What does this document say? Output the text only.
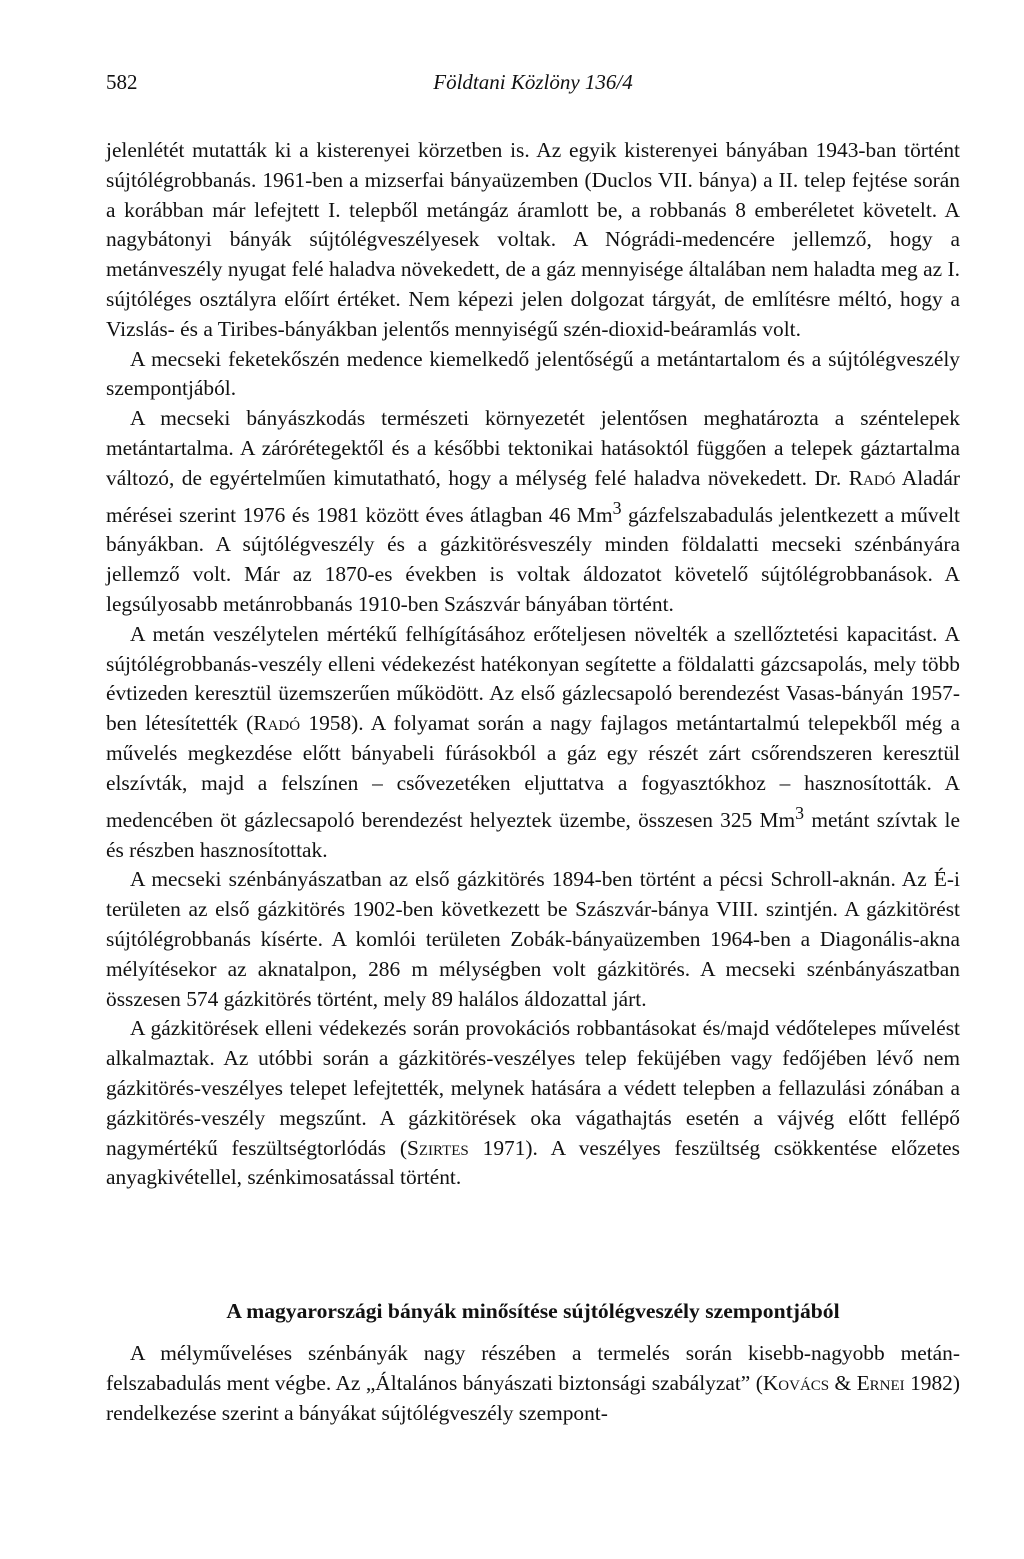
582	Földtani Közlöny 136/4

jelenlétét mutatták ki a kisterenyei körzetben is. Az egyik kisterenyei bányában 1943-ban történt sújtólégrobbanás. 1961-ben a mizserfai bányaüzemben (Duclos VII. bánya) a II. telep fejtése során a korábban már lefejtett I. telepből metángáz áramlott be, a robbanás 8 emberéletet követelt. A nagybátonyi bányák sújtólégveszélyesek voltak. A Nógrádi-medencére jellemző, hogy a metánveszély nyugat felé haladva növekedett, de a gáz mennyisége általában nem haladta meg az I. sújtóléges osztályra előírt értéket. Nem képezi jelen dolgozat tárgyát, de említésre méltó, hogy a Vizslás- és a Tiribes-bányákban jelentős mennyiségű szén-dioxid-beáramlás volt.

A mecseki feketekőszén medence kiemelkedő jelentőségű a metántartalom és a sújtólégveszély szempontjából.

A mecseki bányászkodás természeti környezetét jelentősen meghatározta a széntelepek metántartalma. A zárórétegektől és a későbbi tektonikai hatásoktól függően a telepek gáztartalma változó, de egyértelműen kimutatható, hogy a mélység felé haladva növekedett. Dr. Radó Aladár mérései szerint 1976 és 1981 között éves átlagban 46 Mm$^3$ gázfelszabadulás jelentkezett a művelt bányákban. A sújtólégveszély és a gázkitörésveszély minden földalatti mecseki szénbányára jellemző volt. Már az 1870-es években is voltak áldozatot követelő sújtólégrobbanások. A legsúlyosabb metánrobbanás 1910-ben Szászvár bányában történt.

A metán veszélytelen mértékű felhígításához erőteljesen növelték a szellőztetési kapacitást. A sújtólégrobbanás-veszély elleni védekezést hatékonyan segítette a földalatti gázcsapolás, mely több évtizeden keresztül üzemszerűen működött. Az első gázlecsapoló berendezést Vasas-bányán 1957-ben létesítették (Radó 1958). A folyamat során a nagy fajlagos metántartalmú telepekből még a művelés megkezdése előtt bányabeli fúrásokból a gáz egy részét zárt csőrendszeren keresztül elszívták, majd a felszínen – csővezetéken eljuttatva a fogyasztókhoz – hasznosították. A medencében öt gázlecsapoló berendezést helyeztek üzembe, összesen 325 Mm$^3$ metánt szívtak le és részben hasznosítottak.

A mecseki szénbányászatban az első gázkitörés 1894-ben történt a pécsi Schroll-aknán. Az É-i területen az első gázkitörés 1902-ben következett be Szászvár-bánya VIII. szintjén. A gázkitörést sújtólégrobbanás kísérte. A komlói területen Zobák-bányaüzemben 1964-ben a Diagonális-akna mélyítésekor az aknatalpon, 286 m mélységben volt gázkitörés. A mecseki szénbányászatban összesen 574 gázkitörés történt, mely 89 halálos áldozattal járt.

A gázkitörések elleni védekezés során provokációs robbantásokat és/majd védőtelepes művelést alkalmaztak. Az utóbbi során a gázkitörés-veszélyes telep feküjében vagy fedőjében lévő nem gázkitörés-veszélyes telepet lefejtették, melynek hatására a védett telepben a fellazulási zónában a gázkitörés-veszély megszűnt. A gázkitörések oka vágathajtás esetén a vájvég előtt fellépő nagymértékű feszültségtorlódás (Szirtes 1971). A veszélyes feszültség csökkentése előzetes anyagkivétellel, szénkimosatással történt.

A magyarországi bányák minősítése sújtólégveszély szempontjából

A mélyműveléses szénbányák nagy részében a termelés során kisebb-nagyobb metán-felszabadulás ment végbe. Az „Általános bányászati biztonsági szabályzat” (Kovács & Ernei 1982) rendelkezése szerint a bányákat sújtólégveszély szempont-
